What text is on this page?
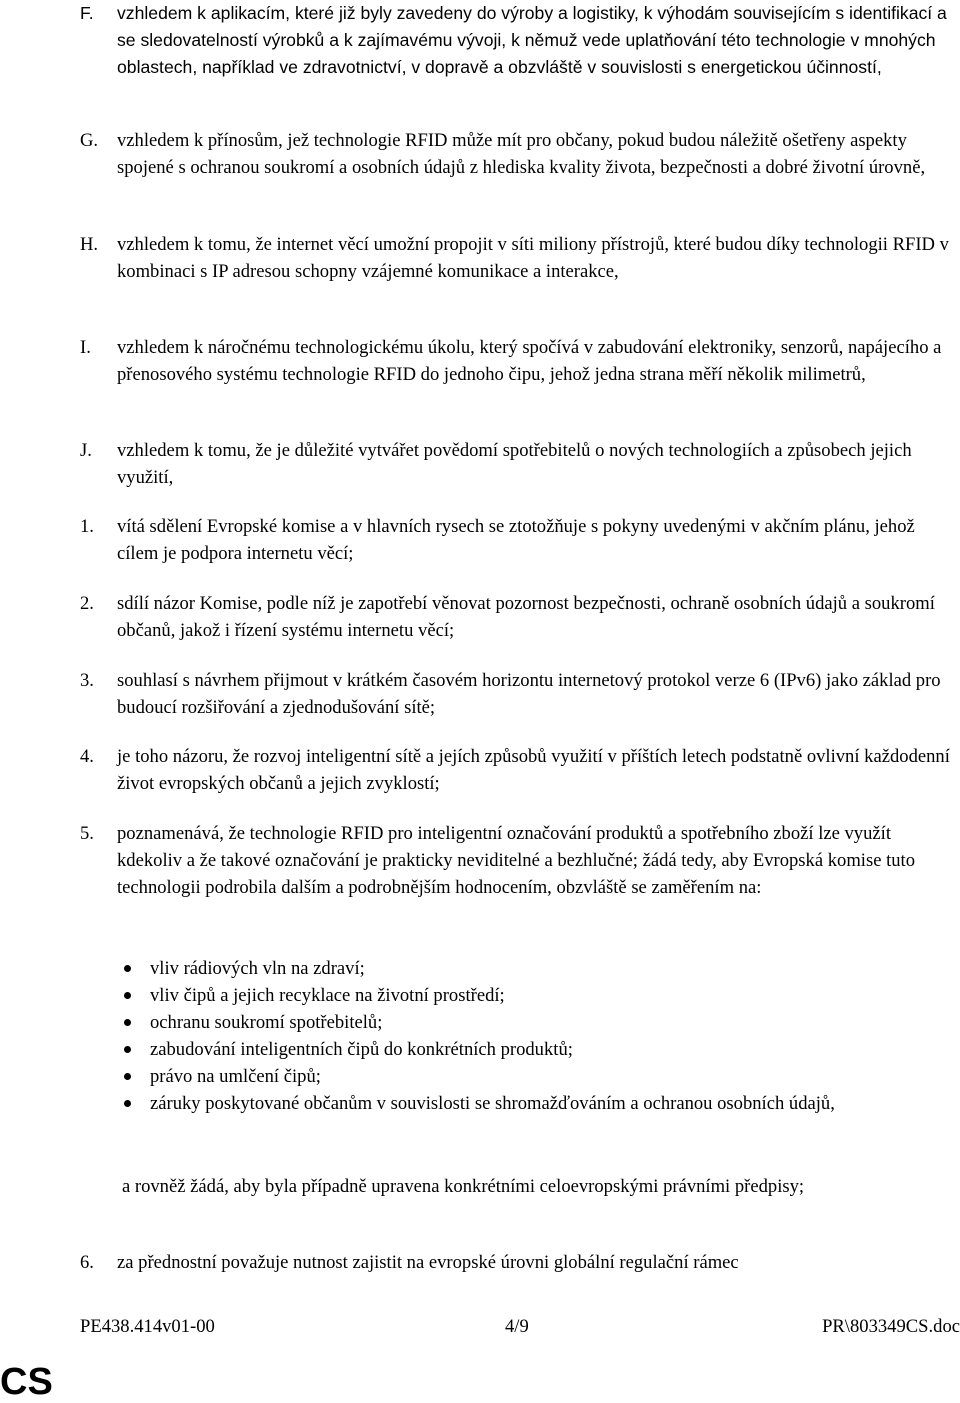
F. vzhledem k aplikacím, které již byly zavedeny do výroby a logistiky, k výhodám souvisejícím s identifikací a se sledovatelností výrobků a k zajímavému vývoji, k němuž vede uplatňování této technologie v mnohých oblastech, například ve zdravotnictví, v dopravě a obzvláště v souvislosti s energetickou účinností,
G. vzhledem k přínosům, jež technologie RFID může mít pro občany, pokud budou náležitě ošetřeny aspekty spojené s ochranou soukromí a osobních údajů z hlediska kvality života, bezpečnosti a dobré životní úrovně,
H. vzhledem k tomu, že internet věcí umožní propojit v síti miliony přístrojů, které budou díky technologii RFID v kombinaci s IP adresou schopny vzájemné komunikace a interakce,
I. vzhledem k náročnému technologickému úkolu, který spočívá v zabudování elektroniky, senzorů, napájecího a přenosového systému technologie RFID do jednoho čipu, jehož jedna strana měří několik milimetrů,
J. vzhledem k tomu, že je důležité vytvářet povědomí spotřebitelů o nových technologiích a způsobech jejich využití,
1. vítá sdělení Evropské komise a v hlavních rysech se ztotožňuje s pokyny uvedenými v akčním plánu, jehož cílem je podpora internetu věcí;
2. sdílí názor Komise, podle níž je zapotřebí věnovat pozornost bezpečnosti, ochraně osobních údajů a soukromí občanů, jakož i řízení systému internetu věcí;
3. souhlasí s návrhem přijmout v krátkém časovém horizontu internetový protokol verze 6 (IPv6) jako základ pro budoucí rozšiřování a zjednodušování sítě;
4. je toho názoru, že rozvoj inteligentní sítě a jejích způsobů využití v příštích letech podstatně ovlivní každodenní život evropských občanů a jejich zvyklostí;
5. poznamenává, že technologie RFID pro inteligentní označování produktů a spotřebního zboží lze využít kdekoliv a že takové označování je prakticky neviditelné a bezhlučné; žádá tedy, aby Evropská komise tuto technologii podrobila dalším a podrobnějším hodnocením, obzvláště se zaměřením na:
vliv rádiových vln na zdraví;
vliv čipů a jejich recyklace na životní prostředí;
ochranu soukromí spotřebitelů;
zabudování inteligentních čipů do konkrétních produktů;
právo na umlčení čipů;
záruky poskytované občanům v souvislosti se shromažďováním a ochranou osobních údajů,
a rovněž žádá, aby byla případně upravena konkrétními celoevropskými právními předpisy;
6. za přednostní považuje nutnost zajistit na evropské úrovni globální regulační rámec
PE438.414v01-00	4/9	PR\803349CS.doc
CS
